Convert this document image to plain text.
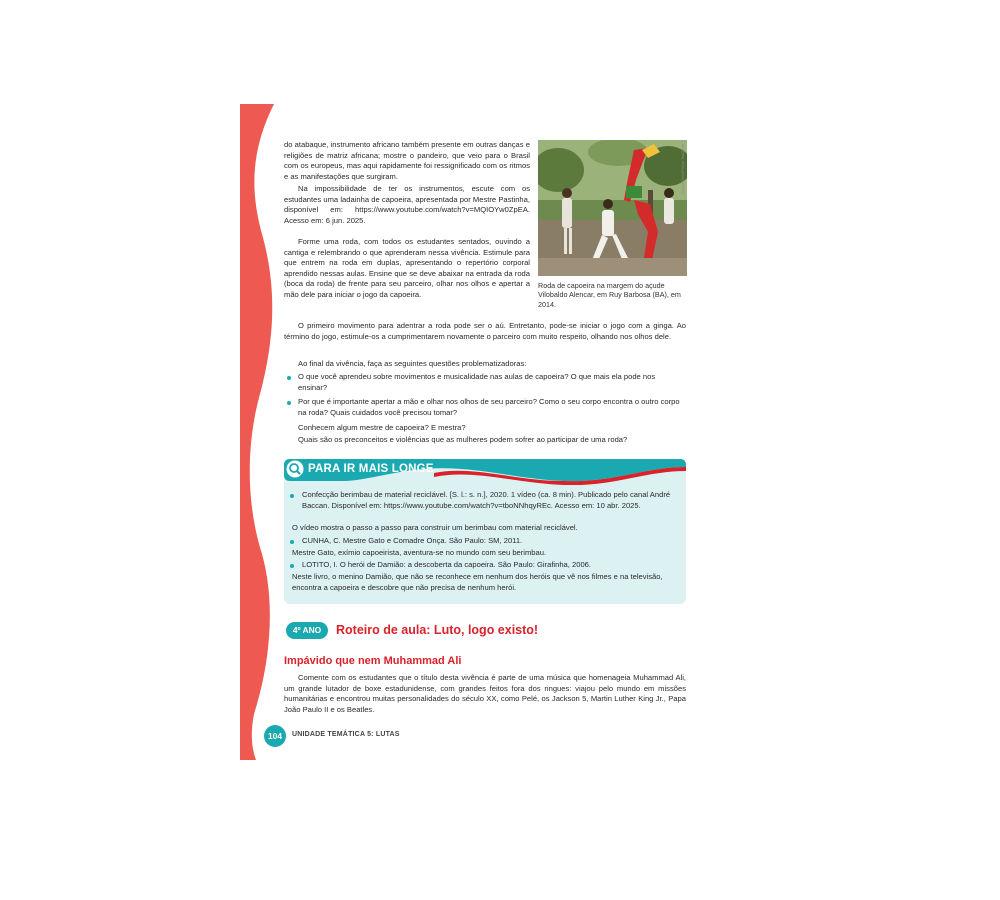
do atabaque, instrumento africano também presente em outras danças e religiões de matriz africana; mostre o pandeiro, que veio para o Brasil com os europeus, mas aqui rapidamente foi ressignificado com os ritmos e as manifestações que surgiram.

Na impossibilidade de ter os instrumentos, escute com os estudantes uma ladainha de capoeira, apresentada por Mestre Pastinha, disponível em: https://www.youtube.com/watch?v=MQIOYw0ZpEA. Acesso em: 6 jun. 2025.

Forme uma roda, com todos os estudantes sentados, ouvindo a cantiga e relembrando o que aprenderam nessa vivência. Estimule para que entrem na roda em duplas, apresentando o repertório corporal aprendido nessas aulas. Ensine que se deve abaixar na entrada da roda (boca da roda) de frente para seu parceiro, olhar nos olhos e apertar a mão dele para iniciar o jogo da capoeira.

Cesar Diniz/Pulsar Imagens
Roda de capoeira na margem do açude Vilobaldo Alencar, em Ruy Barbosa (BA), em 2014.

O primeiro movimento para adentrar a roda pode ser o aú. Entretanto, pode-se iniciar o jogo com a ginga. Ao término do jogo, estimule-os a cumprimentarem novamente o parceiro com muito respeito, olhando nos olhos dele.

Ao final da vivência, faça as seguintes questões problematizadoras:

O que você aprendeu sobre movimentos e musicalidade nas aulas de capoeira? O que mais ela pode nos ensinar?
Por que é importante apertar a mão e olhar nos olhos de seu parceiro? Como o seu corpo encontra o outro corpo na roda? Quais cuidados você precisou tomar?

Conhecem algum mestre de capoeira? E mestra?

Quais são os preconceitos e violências que as mulheres podem sofrer ao participar de uma roda?

PARA IR MAIS LONGE
Confecção berimbau de material reciclável. [S. l.: s. n.], 2020. 1 vídeo (ca. 8 min). Publicado pelo canal André Baccan. Disponível em: https://www.youtube.com/watch?v=tboNNhqyREc. Acesso em: 10 abr. 2025.
O vídeo mostra o passo a passo para construir um berimbau com material reciclável.
CUNHA, C. Mestre Gato e Comadre Onça. São Paulo: SM, 2011.
Mestre Gato, exímio capoeirista, aventura-se no mundo com seu berimbau.
LOTITO, I. O herói de Damião: a descoberta da capoeira. São Paulo: Girafinha, 2006.
Neste livro, o menino Damião, que não se reconhece em nenhum dos heróis que vê nos filmes e na televisão, encontra a capoeira e descobre que não precisa de nenhum herói.
4º ANO	Roteiro de aula: Luto, logo existo!
Impávido que nem Muhammad Ali

Comente com os estudantes que o título desta vivência é parte de uma música que homenageia Muhammad Ali, um grande lutador de boxe estadunidense, com grandes feitos fora dos ringues: viajou pelo mundo em missões humanitárias e encontrou muitas personalidades do século XX, como Pelé, os Jackson 5, Martin Luther King Jr., Papa João Paulo II e os Beatles.

104	UNIDADE TEMÁTICA 5: LUTAS
